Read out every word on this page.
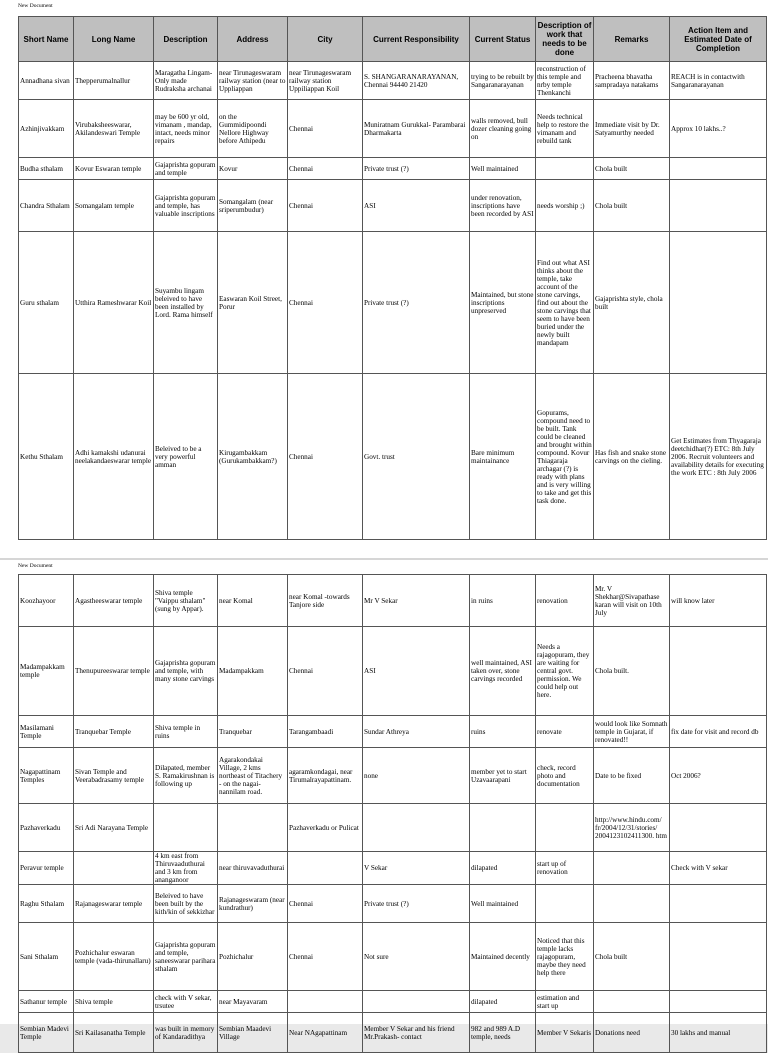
New Document
Short Name	Long Name	Description	Address	City	Current Responsibility	Current Status	Description of work that needs to be done	Remarks	Action Item and Estimated Date of Completion
Annadhana sivan	Thepperumalnallur	Maragatha Lingam-Only made Rudraksha archanai	near Tirunageswaram railway station (near to Uppliappan	near Tirunageswaram railway station Uppiliappan Koil	S. SHANGARANARAYANAN, Chennai 94440 21420	trying to be rebuilt by Sangaranarayanan	reconstruction of this temple and nrby temple Thenkanchi	Pracheena bhavatha sampradaya natakams	REACH is in contactwith Sangaranarayanan
Azhinjivakkam	Virubaksheeswarar, Akilandeswari Temple	may be 600 yr old, vimanam , mandap, intact, needs minor repairs	on the Gummidipoondi Nellore Highway before Athipedu	Chennai	Muniratnam Gurukkal- Parambarai Dharmakarta	walls removed, bull dozer cleaning going on	Needs technical help to restore the vimanam and rebuild tank	Immediate visit by Dr. Satyamurthy needed	Approx 10 lakhs..?
Budha sthalam	Kovur Eswaran temple	Gajaprishta gopuram and temple	Kovur	Chennai	Private trust (?)	Well maintained		Chola built	
Chandra Sthalam	Somangalam temple	Gajaprishta gopuram and temple, has valuable inscriptions	Somangalam (near sriperumbudur)	Chennai	ASI	under renovation, inscriptions have been recorded by ASI	needs worship ;)	Chola built	
Guru sthalam	Utthira Rameshwarar Koil	Suyambu lingam beleived to have been installed by Lord. Rama himself	Easwaran Koil Street, Porur	Chennai	Private trust (?)	Maintained, but stone inscriptions unpreserved	Find out what ASI thinks about the temple, take account of the stone carvings, find out about the stone carvings that seem to have been buried under the newly built mandapam	Gajaprishta style, chola built	
Kethu Sthalam	Adhi kamakshi udanurai neelakandaeswarar temple	Beleived to be a very powerful amman	Kirugambakkam (Gurukambakkam?)	Chennai	Govt. trust	Bare minimum maintainance	Gopurams, compound need to be built. Tank could be cleaned and brought within compound. Kovur Thiagaraja archagar (?) is ready with plans and is very willing to take and get this task done.	Has fish and snake stone carvings on the cieling.	Get Estimates from Thyagaraja deetchidhar(?) ETC: 8th July 2006. Recruit volunteers and availability details for executing the work ETC : 8th July 2006
New Document
Koozhayoor	Agastheeswarar temple	Shiva temple "Vaippu sthalam" (sung by Appar).	near Komal	near Komal -towards Tanjore side	Mr V Sekar	in ruins	renovation	Mr. V Shekhar@Sivapathase karan will visit on 10th July	will know later
Madampakkam temple	Thenupureeswarar temple	Gajaprishta gopuram and temple, with many stone carvings	Madampakkam	Chennai	ASI	well maintained, ASI taken over, stone carvings recorded	Needs a rajagopuram, they are waiting for central govt. permission. We could help out here.	Chola built.	
Masilamani Temple	Tranquebar Temple	Shiva temple in ruins	Tranquebar	Tarangambaadi	Sundar Athreya	ruins	renovate	would look like Somnath temple in Gujarat, if renovated!!	fix date for visit and record db
Nagapattinam Temples	Sivan Temple and Veerabadrasamy temple	Dilapated, member S. Ramakirushnan is following up	Agarakondakai Village, 2 kms northeast of Titachery - on the nagai-nannilam road.	agaramkondagai, near Tirumalrayapattinam.	none	member yet to start Uzavaarapani	check, record photo and documentation	Date to be fixed	Oct 2006?
Pazhaverkadu	Sri Adi Narayana Temple			Pazhaverkadu or Pulicat				http://www.hindu.com/ fr/2004/12/31/stories/ 2004123102411300. htm	
Peravur temple		4 km east from Thiruvaaduthurai and 3 km from ananganoor	near thiruvavaduthurai		V Sekar	dilapated	start up of renovation		Check with V sekar
Raghu Sthalam	Rajanageswarar temple	Beleived to have been built by the kith/kin of sekkizhar	Rajanageswaram (near kundrathur)	Chennai	Private trust (?)	Well maintained			
Sani Sthalam	Pozhichalur eswaran temple (vada-thirunallaru)	Gajaprishta gopuram and temple, saneeswarar parihara sthalam	Pozhichalur	Chennai	Not sure	Maintained decently	Noticed that this temple lacks rajagopuram, maybe they need help there	Chola built	
Sathanur temple	Shiva temple	check with V sekar, trsutee	near Mayavaram			dilapated	estimation and start up		
Sembian Madevi Temple	Sri Kailasanatha Temple	was built in memory of Kandaradithya	Sembian Maadevi Village	Near NAgapattinam	Member V Sekar and his friend Mr.Prakash- contact	982 and 989 A.D temple, needs	Member V Sekaris	Donations need	30 lakhs and manual
